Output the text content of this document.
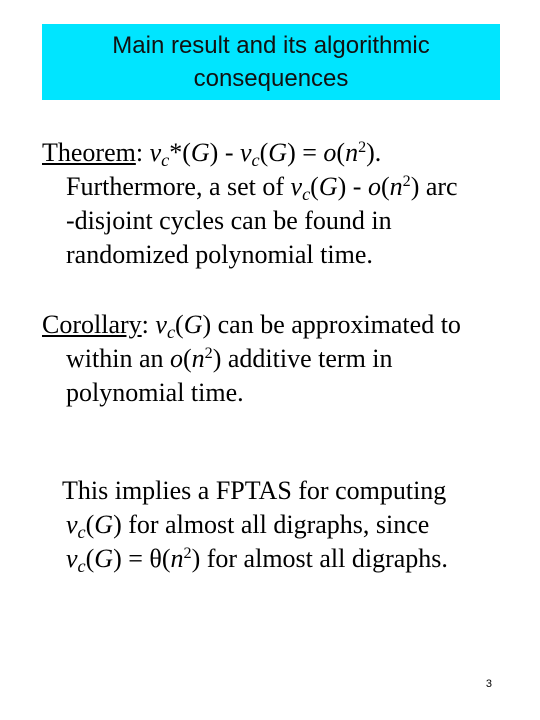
Main result and its algorithmic
consequences
Theorem: $\nu_c*(G) - \nu_c(G) = o(n^2)$.
Furthermore, a set of $\nu_c(G) - o(n^2)$ arc
-disjoint cycles can be found in
randomized polynomial time.
Corollary: $\nu_c(G)$ can be approximated to
within an $o(n^2)$ additive term in
polynomial time.
This implies a FPTAS for computing
$\nu_c(G)$ for almost all digraphs, since
$\nu_c(G) = \theta(n^2)$ for almost all digraphs.
3
